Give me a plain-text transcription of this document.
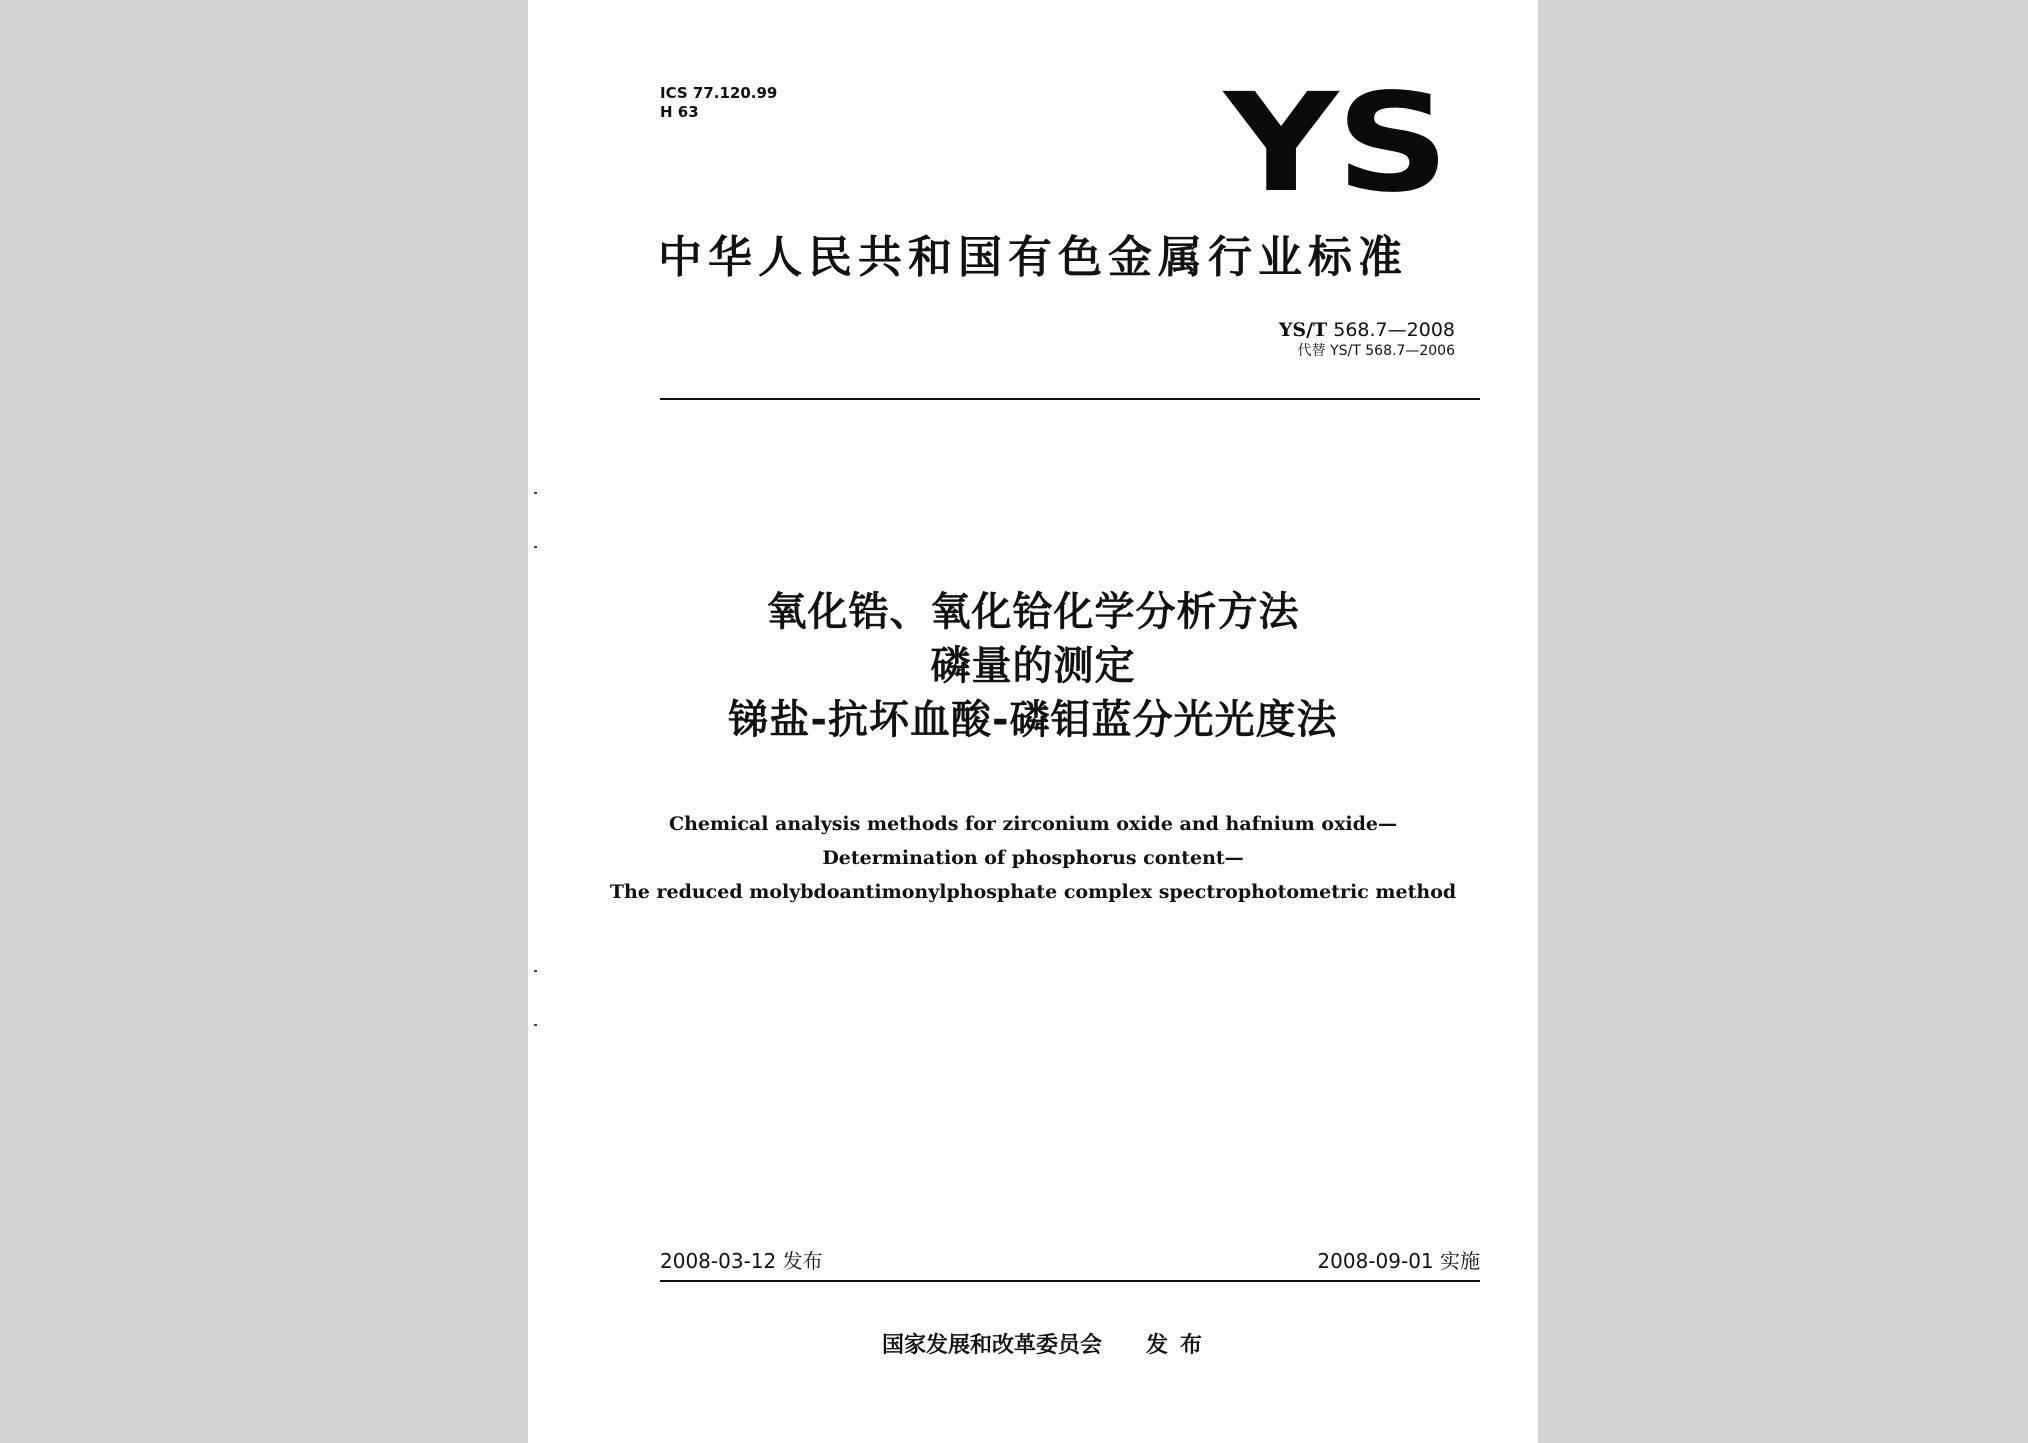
ICS 77.120.99
H 63	YS
中华人民共和国有色金属行业标准
YS/T 568.7—2008
代替 YS/T 568.7—2006
氧化锆、氧化铪化学分析方法
磷量的测定
锑盐-抗坏血酸-磷钼蓝分光光度法
Chemical analysis methods for zirconium oxide and hafnium oxide—
Determination of phosphorus content—
The reduced molybdoantimonylphosphate complex spectrophotometric method
2008-03-12 发布	2008-09-01 实施
国家发展和改革委员会 发布
